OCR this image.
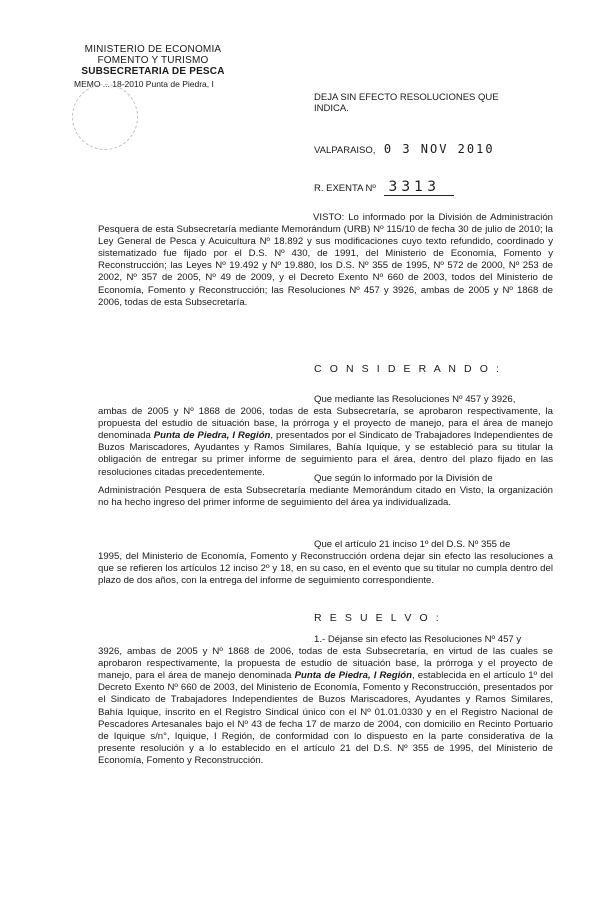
MINISTERIO DE ECONOMIA
FOMENTO Y TURISMO
SUBSECRETARIA DE PESCA
MEMO ... 18-2010 Punta de Piedra, I
DEJA SIN EFECTO RESOLUCIONES QUE
INDICA.
VALPARAISO, 0 3 NOV 2010
R. EXENTA Nº 3313
VISTO: Lo informado por la División de Administración Pesquera de esta Subsecretaría mediante Memorándum (URB) Nº 115/10 de fecha 30 de julio de 2010; la Ley General de Pesca y Acuicultura Nº 18.892 y sus modificaciones cuyo texto refundido, coordinado y sistematizado fue fijado por el D.S. Nº 430, de 1991, del Ministerio de Economía, Fomento y Reconstrucción; las Leyes Nº 19.492 y Nº 19.880, los D.S. Nº 355 de 1995, Nº 572 de 2000, Nº 253 de 2002, Nº 357 de 2005, Nº 49 de 2009, y el Decreto Exento Nº 660 de 2003, todos del Ministerio de Economía, Fomento y Reconstrucción; las Resoluciones Nº 457 y 3926, ambas de 2005 y Nº 1868 de 2006, todas de esta Subsecretaría.
C O N S I D E R A N D O :
Que mediante las Resoluciones Nº 457 y 3926,
ambas de 2005 y Nº 1868 de 2006, todas de esta Subsecretaría, se aprobaron respectivamente, la propuesta del estudio de situación base, la prórroga y el proyecto de manejo, para el área de manejo denominada Punta de Piedra, I Región, presentados por el Sindicato de Trabajadores Independientes de Buzos Mariscadores, Ayudantes y Ramos Similares, Bahía Iquique, y se estableció para su titular la obligación de entregar su primer informe de seguimiento para el área, dentro del plazo fijado en las resoluciones citadas precedentemente.
Que según lo informado por la División de
Administración Pesquera de esta Subsecretaría mediante Memorándum citado en Visto, la organización no ha hecho ingreso del primer informe de seguimiento del área ya individualizada.
Que el artículo 21 inciso 1º del D.S. Nº 355 de
1995, del Ministerio de Economía, Fomento y Reconstrucción ordena dejar sin efecto las resoluciones a que se refieren los artículos 12 inciso 2º y 18, en su caso, en el evento que su titular no cumpla dentro del plazo de dos años, con la entrega del informe de seguimiento correspondiente.
R E S U E L V O :
1.- Déjanse sin efecto las Resoluciones Nº 457 y
3926, ambas de 2005 y Nº 1868 de 2006, todas de esta Subsecretaría, en virtud de las cuales se aprobaron respectivamente, la propuesta de estudio de situación base, la prórroga y el proyecto de manejo, para el área de manejo denominada Punta de Piedra, I Región, establecida en el artículo 1º del Decreto Exento Nº 660 de 2003, del Ministerio de Economía, Fomento y Reconstrucción, presentados por el Sindicato de Trabajadores Independientes de Buzos Mariscadores, Ayudantes y Ramos Similares, Bahía Iquique, inscrito en el Registro Sindical único con el Nº 01.01.0330 y en el Registro Nacional de Pescadores Artesanales bajo el Nº 43 de fecha 17 de marzo de 2004, con domicilio en Recinto Portuario de Iquique s/n°, Iquique, I Región, de conformidad con lo dispuesto en la parte considerativa de la presente resolución y a lo establecido en el artículo 21 del D.S. Nº 355 de 1995, del Ministerio de Economía, Fomento y Reconstrucción.
